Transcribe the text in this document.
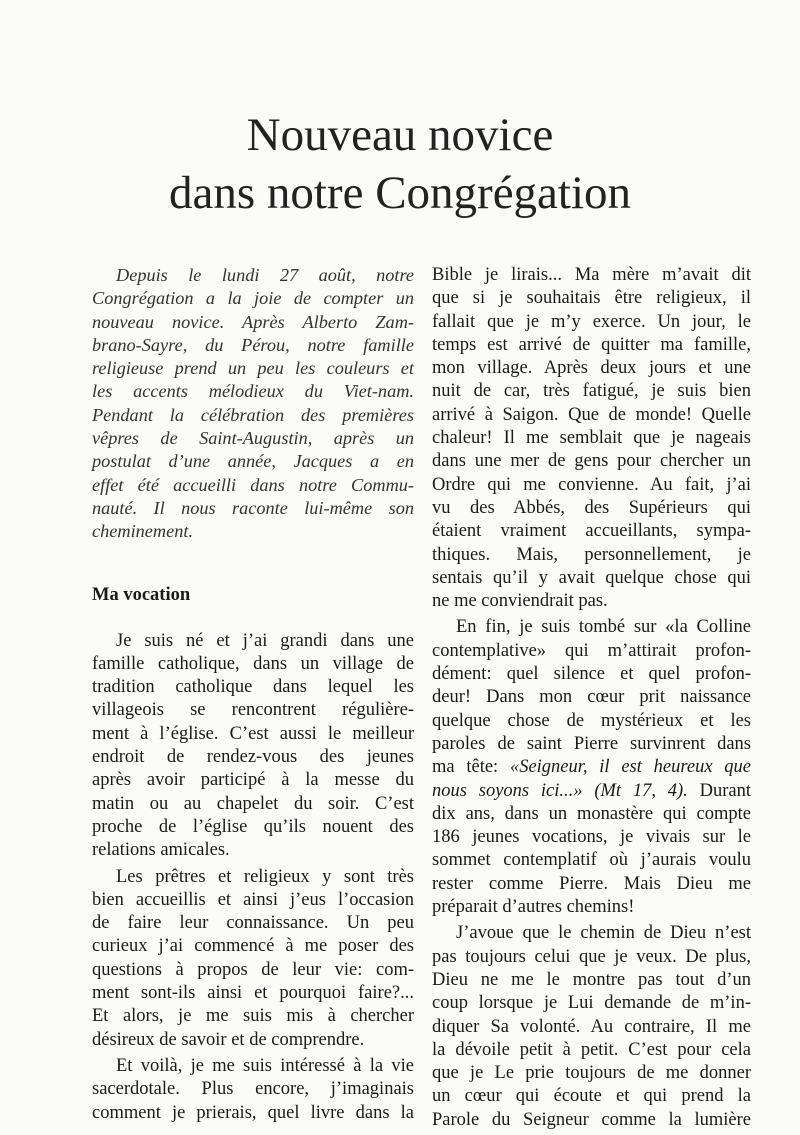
Nouveau novice
dans notre Congrégation
Depuis le lundi 27 août, notre
Congrégation a la joie de compter un
nouveau novice. Après Alberto Zam-
brano-Sayre, du Pérou, notre famille
religieuse prend un peu les couleurs et
les accents mélodieux du Viet-nam.
Pendant la célébration des premières
vêpres de Saint-Augustin, après un
postulat d’une année, Jacques a en
effet été accueilli dans notre Commu-
nauté. Il nous raconte lui-même son
cheminement.
Ma vocation
Je suis né et j’ai grandi dans une
famille catholique, dans un village de
tradition catholique dans lequel les
villageois se rencontrent régulière-
ment à l’église. C’est aussi le meilleur
endroit de rendez-vous des jeunes
après avoir participé à la messe du
matin ou au chapelet du soir. C’est
proche de l’église qu’ils nouent des
relations amicales.
Les prêtres et religieux y sont très
bien accueillis et ainsi j’eus l’occasion
de faire leur connaissance. Un peu
curieux j’ai commencé à me poser des
questions à propos de leur vie: com-
ment sont-ils ainsi et pourquoi faire?...
Et alors, je me suis mis à chercher
désireux de savoir et de comprendre.
Et voilà, je me suis intéressé à la vie
sacerdotale. Plus encore, j’imaginais
comment je prierais, quel livre dans la
Bible je lirais... Ma mère m’avait dit
que si je souhaitais être religieux, il
fallait que je m’y exerce. Un jour, le
temps est arrivé de quitter ma famille,
mon village. Après deux jours et une
nuit de car, très fatigué, je suis bien
arrivé à Saigon. Que de monde! Quelle
chaleur! Il me semblait que je nageais
dans une mer de gens pour chercher un
Ordre qui me convienne. Au fait, j’ai
vu des Abbés, des Supérieurs qui
étaient vraiment accueillants, sympa-
thiques. Mais, personnellement, je
sentais qu’il y avait quelque chose qui
ne me conviendrait pas.
En fin, je suis tombé sur «la Colline
contemplative» qui m’attirait profon-
dément: quel silence et quel profon-
deur! Dans mon cœur prit naissance
quelque chose de mystérieux et les
paroles de saint Pierre survinrent dans
ma tête: «Seigneur, il est heureux que
nous soyons ici...» (Mt 17, 4). Durant
dix ans, dans un monastère qui compte
186 jeunes vocations, je vivais sur le
sommet contemplatif où j’aurais voulu
rester comme Pierre. Mais Dieu me
préparait d’autres chemins!
J’avoue que le chemin de Dieu n’est
pas toujours celui que je veux. De plus,
Dieu ne me le montre pas tout d’un
coup lorsque je Lui demande de m’in-
diquer Sa volonté. Au contraire, Il me
la dévoile petit à petit. C’est pour cela
que je Le prie toujours de me donner
un cœur qui écoute et qui prend la
Parole du Seigneur comme la lumière
